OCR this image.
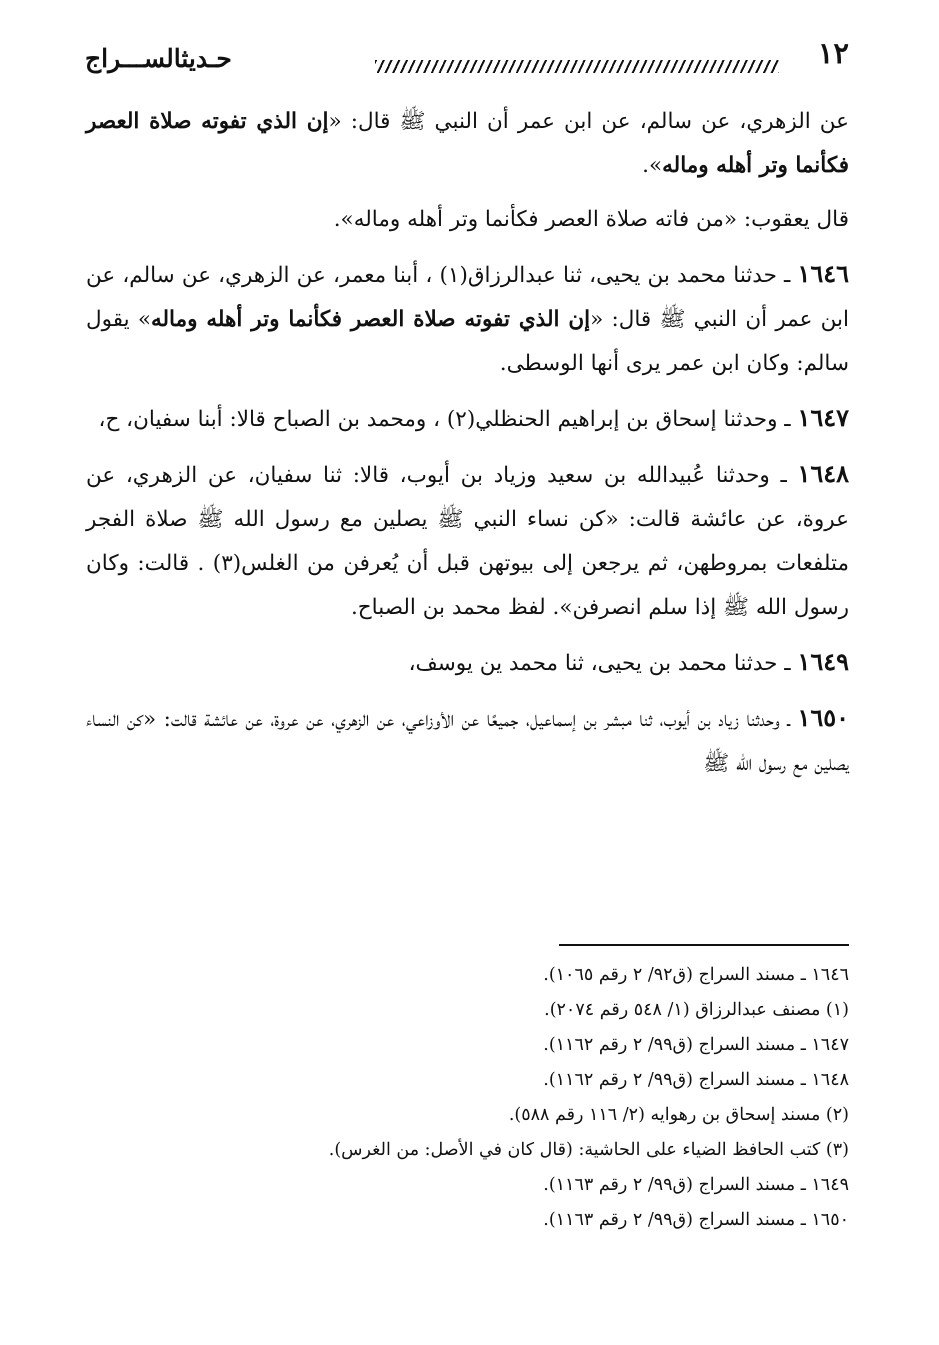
١٢
حـديثالســـراج

عن الزهري، عن سالم، عن ابن عمر أن النبي ﷺ قال: «إن الذي تفوته صلاة العصر فكأنما وتر أهله وماله».

قال يعقوب: «من فاته صلاة العصر فكأنما وتر أهله وماله».

١٦٤٦ ـ حدثنا محمد بن يحيى، ثنا عبدالرزاق(١) ، أبنا معمر، عن الزهري، عن سالم، عن ابن عمر أن النبي ﷺ قال: «إن الذي تفوته صلاة العصر فكأنما وتر أهله وماله» يقول سالم: وكان ابن عمر يرى أنها الوسطى.

١٦٤٧ ـ وحدثنا إسحاق بن إبراهيم الحنظلي(٢) ، ومحمد بن الصباح قالا: أبنا سفيان، ح،

١٦٤٨ ـ وحدثنا عُبيدالله بن سعيد وزياد بن أيوب، قالا: ثنا سفيان، عن الزهري، عن عروة، عن عائشة قالت: «كن نساء النبي ﷺ يصلين مع رسول الله ﷺ صلاة الفجر متلفعات بمروطهن، ثم يرجعن إلى بيوتهن قبل أن يُعرفن من الغلس(٣) . قالت: وكان رسول الله ﷺ إذا سلم انصرفن». لفظ محمد بن الصباح.

١٦٤٩ ـ حدثنا محمد بن يحيى، ثنا محمد ين يوسف،

١٦٥٠ ـ وحدثنا زياد بن أيوب، ثنا مبشر بن إسماعيل، جميعًا عن الأوزاعي، عن الزهري، عن عروة، عن عائشة قالت: «كن النساء يصلين مع رسول الله ﷺ

١٦٤٦ ـ مسند السراج (ق٩٢/ ٢ رقم ١٠٦٥).
(١) مصنف عبدالرزاق (١/ ٥٤٨ رقم ٢٠٧٤).
١٦٤٧ ـ مسند السراج (ق٩٩/ ٢ رقم ١١٦٢).
١٦٤٨ ـ مسند السراج (ق٩٩/ ٢ رقم ١١٦٢).
(٢) مسند إسحاق بن رهوايه (٢/ ١١٦ رقم ٥٨٨).
(٣) كتب الحافظ الضياء على الحاشية: (قال كان في الأصل: من الغرس).
١٦٤٩ ـ مسند السراج (ق٩٩/ ٢ رقم ١١٦٣).
١٦٥٠ ـ مسند السراج (ق٩٩/ ٢ رقم ١١٦٣).
